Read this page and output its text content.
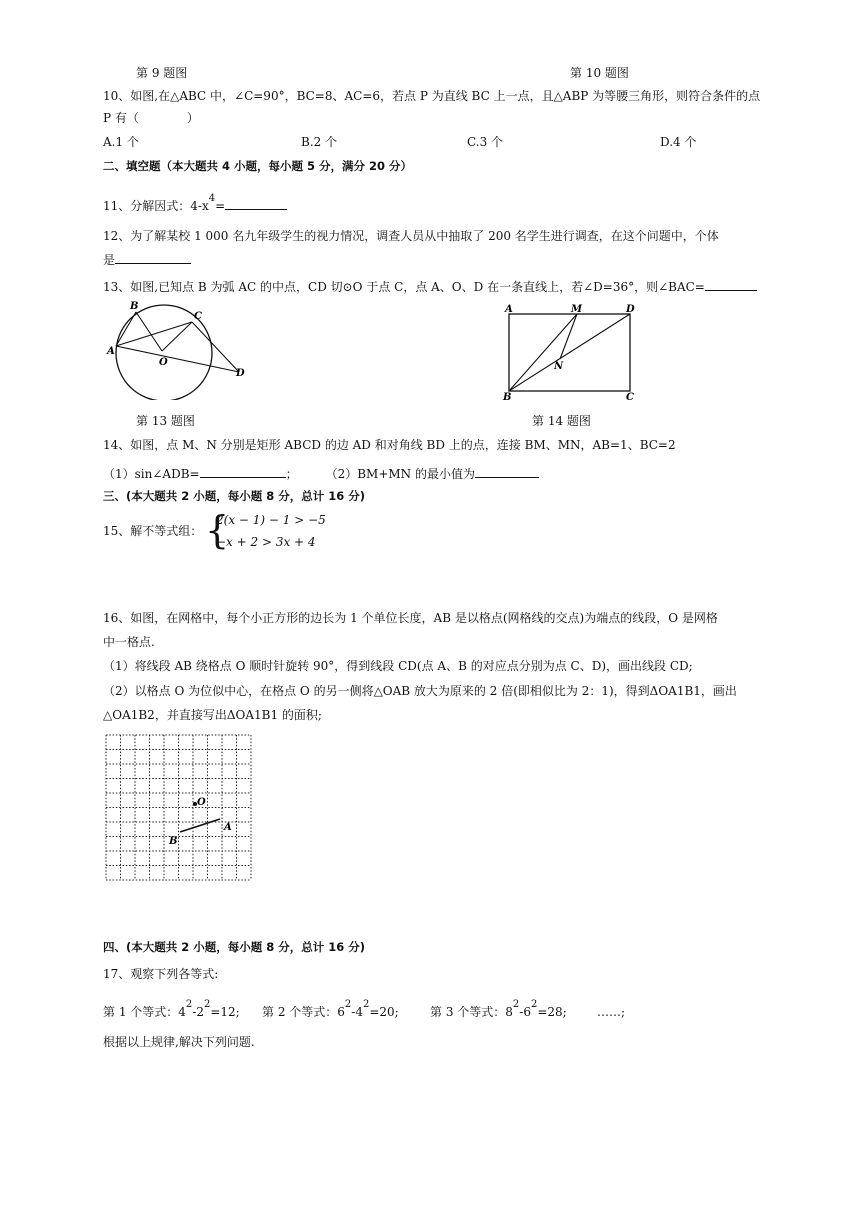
第 9 题图	第 10 题图
10、如图,在△ABC 中，∠C=90°，BC=8、AC=6，若点 P 为直线 BC 上一点，且△ABP 为等腰三角形，则符合条件的点
P 有（　　　　）
A.1 个	B.2 个	C.3 个	D.4 个
二、填空题（本大题共 4 小题，每小题 5 分，满分 20 分）
11、分解因式：$4-x^4=$
12、为了解某校 1 000 名九年级学生的视力情况，调查人员从中抽取了 200 名学生进行调查，在这个问题中，个体
是
13、如图,已知点 B 为弧 AC 的中点，CD 切⊙O 于点 C，点 A、O、D 在一条直线上，若∠D=36°，则∠BAC=
A
B
C
O
D
A	M	D
N
B	C
第 13 题图	第 14 题图
14、如图，点 M、N 分别是矩形 ABCD 的边 AD 和对角线 BD 上的点，连接 BM、MN，AB=1、BC=2
（1）sin∠ADB=	； （2）BM+MN 的最小值为
三、(本大题共 2 小题，每小题 8 分，总计 16 分)
15、解不等式组： {
2(x − 1) − 1 > −5
−x + 2 > 3x + 4
16、如图，在网格中，每个小正方形的边长为 1 个单位长度，AB 是以格点(网格线的交点)为端点的线段，O 是网格
中一格点.
（1）将线段 AB 绕格点 O 顺时针旋转 90°，得到线段 CD(点 A、B 的对应点分别为点 C、D)，画出线段 CD;
（2）以格点 O 为位似中心，在格点 O 的另一侧将△OAB 放大为原来的 2 倍(即相似比为 2：1)，得到ΔOA1B1，画出
△OA1B2，并直接写出ΔOA1B1 的面积;
O
A
B
四、(本大题共 2 小题，每小题 8 分，总计 16 分)
17、观察下列各等式:
第 1 个等式：$4^2-2^2=12$; 第 2 个等式：$6^2-4^2=20$;	第 3 个等式：$8^2-6^2=28$;	……;
根据以上规律,解决下列问题.
